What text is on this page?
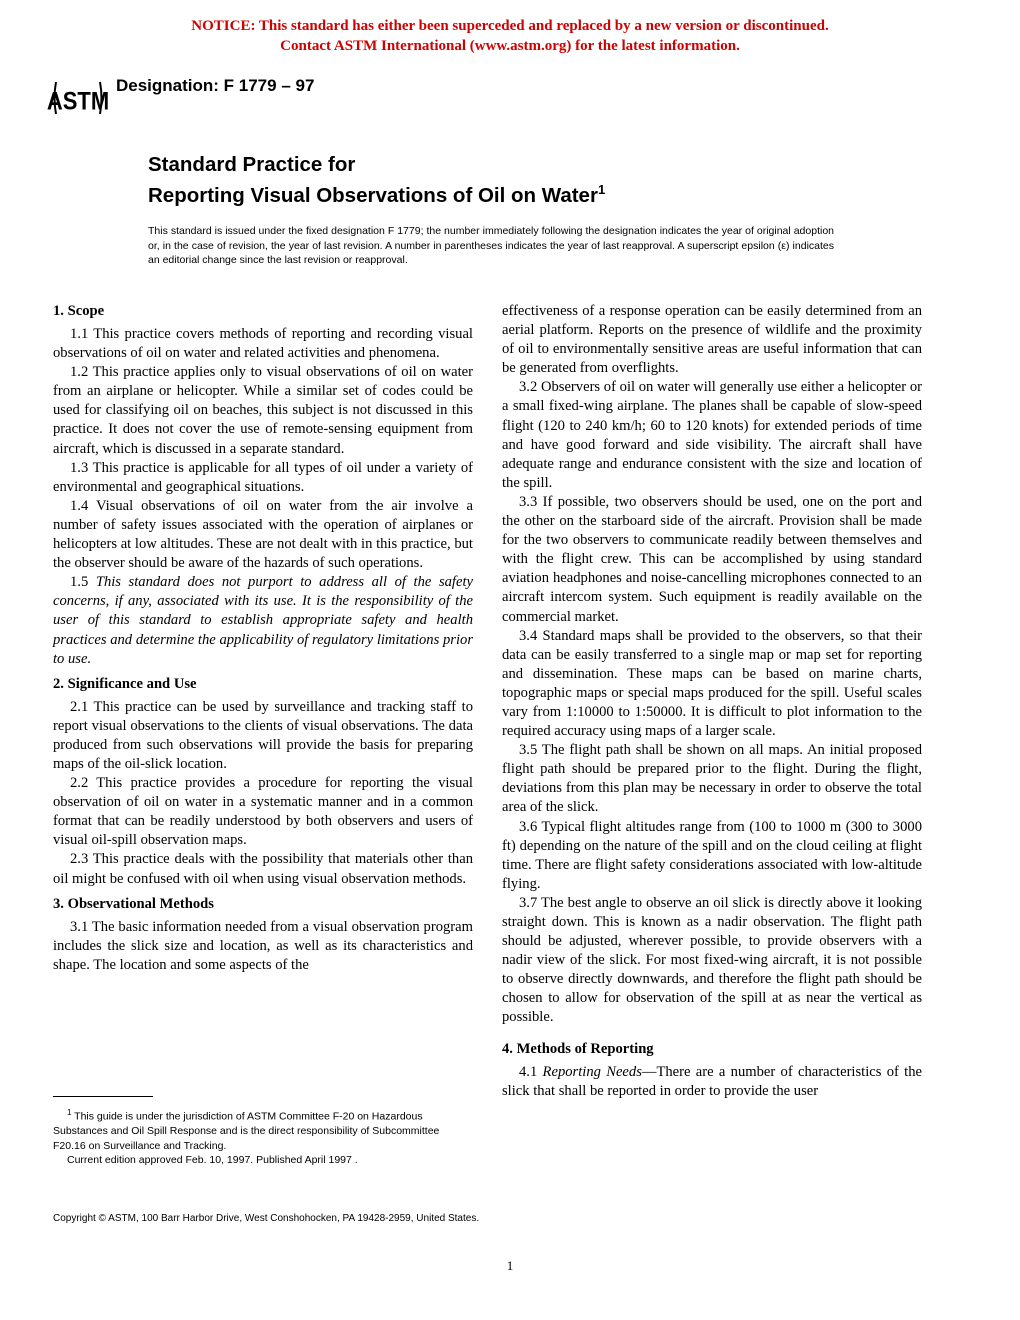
NOTICE: This standard has either been superceded and replaced by a new version or discontinued.
Contact ASTM International (www.astm.org) for the latest information.
ASTM
Designation: F 1779 – 97
Standard Practice for
Reporting Visual Observations of Oil on Water$^1$
This standard is issued under the fixed designation F 1779; the number immediately following the designation indicates the year of original adoption or, in the case of revision, the year of last revision. A number in parentheses indicates the year of last reapproval. A superscript epsilon (ε) indicates an editorial change since the last revision or reapproval.
1. Scope

1.1 This practice covers methods of reporting and recording visual observations of oil on water and related activities and phenomena.

1.2 This practice applies only to visual observations of oil on water from an airplane or helicopter. While a similar set of codes could be used for classifying oil on beaches, this subject is not discussed in this practice. It does not cover the use of remote-sensing equipment from aircraft, which is discussed in a separate standard.

1.3 This practice is applicable for all types of oil under a variety of environmental and geographical situations.

1.4 Visual observations of oil on water from the air involve a number of safety issues associated with the operation of airplanes or helicopters at low altitudes. These are not dealt with in this practice, but the observer should be aware of the hazards of such operations.

1.5 This standard does not purport to address all of the safety concerns, if any, associated with its use. It is the responsibility of the user of this standard to establish appropriate safety and health practices and determine the applicability of regulatory limitations prior to use.

2. Significance and Use

2.1 This practice can be used by surveillance and tracking staff to report visual observations to the clients of visual observations. The data produced from such observations will provide the basis for preparing maps of the oil-slick location.

2.2 This practice provides a procedure for reporting the visual observation of oil on water in a systematic manner and in a common format that can be readily understood by both observers and users of visual oil-spill observation maps.

2.3 This practice deals with the possibility that materials other than oil might be confused with oil when using visual observation methods.

3. Observational Methods

3.1 The basic information needed from a visual observation program includes the slick size and location, as well as its characteristics and shape. The location and some aspects of the

effectiveness of a response operation can be easily determined from an aerial platform. Reports on the presence of wildlife and the proximity of oil to environmentally sensitive areas are useful information that can be generated from overflights.

3.2 Observers of oil on water will generally use either a helicopter or a small fixed-wing airplane. The planes shall be capable of slow-speed flight (120 to 240 km/h; 60 to 120 knots) for extended periods of time and have good forward and side visibility. The aircraft shall have adequate range and endurance consistent with the size and location of the spill.

3.3 If possible, two observers should be used, one on the port and the other on the starboard side of the aircraft. Provision shall be made for the two observers to communicate readily between themselves and with the flight crew. This can be accomplished by using standard aviation headphones and noise-cancelling microphones connected to an aircraft intercom system. Such equipment is readily available on the commercial market.

3.4 Standard maps shall be provided to the observers, so that their data can be easily transferred to a single map or map set for reporting and dissemination. These maps can be based on marine charts, topographic maps or special maps produced for the spill. Useful scales vary from 1:10000 to 1:50000. It is difficult to plot information to the required accuracy using maps of a larger scale.

3.5 The flight path shall be shown on all maps. An initial proposed flight path should be prepared prior to the flight. During the flight, deviations from this plan may be necessary in order to observe the total area of the slick.

3.6 Typical flight altitudes range from (100 to 1000 m (300 to 3000 ft) depending on the nature of the spill and on the cloud ceiling at flight time. There are flight safety considerations associated with low-altitude flying.

3.7 The best angle to observe an oil slick is directly above it looking straight down. This is known as a nadir observation. The flight path should be adjusted, wherever possible, to provide observers with a nadir view of the slick. For most fixed-wing aircraft, it is not possible to observe directly downwards, and therefore the flight path should be chosen to allow for observation of the spill at as near the vertical as possible.

4. Methods of Reporting

4.1 Reporting Needs—There are a number of characteristics of the slick that shall be reported in order to provide the user

$^1$ This guide is under the jurisdiction of ASTM Committee F-20 on Hazardous Substances and Oil Spill Response and is the direct responsibility of Subcommittee F20.16 on Surveillance and Tracking.

Current edition approved Feb. 10, 1997. Published April 1997 .

Copyright © ASTM, 100 Barr Harbor Drive, West Conshohocken, PA 19428-2959, United States.
1
